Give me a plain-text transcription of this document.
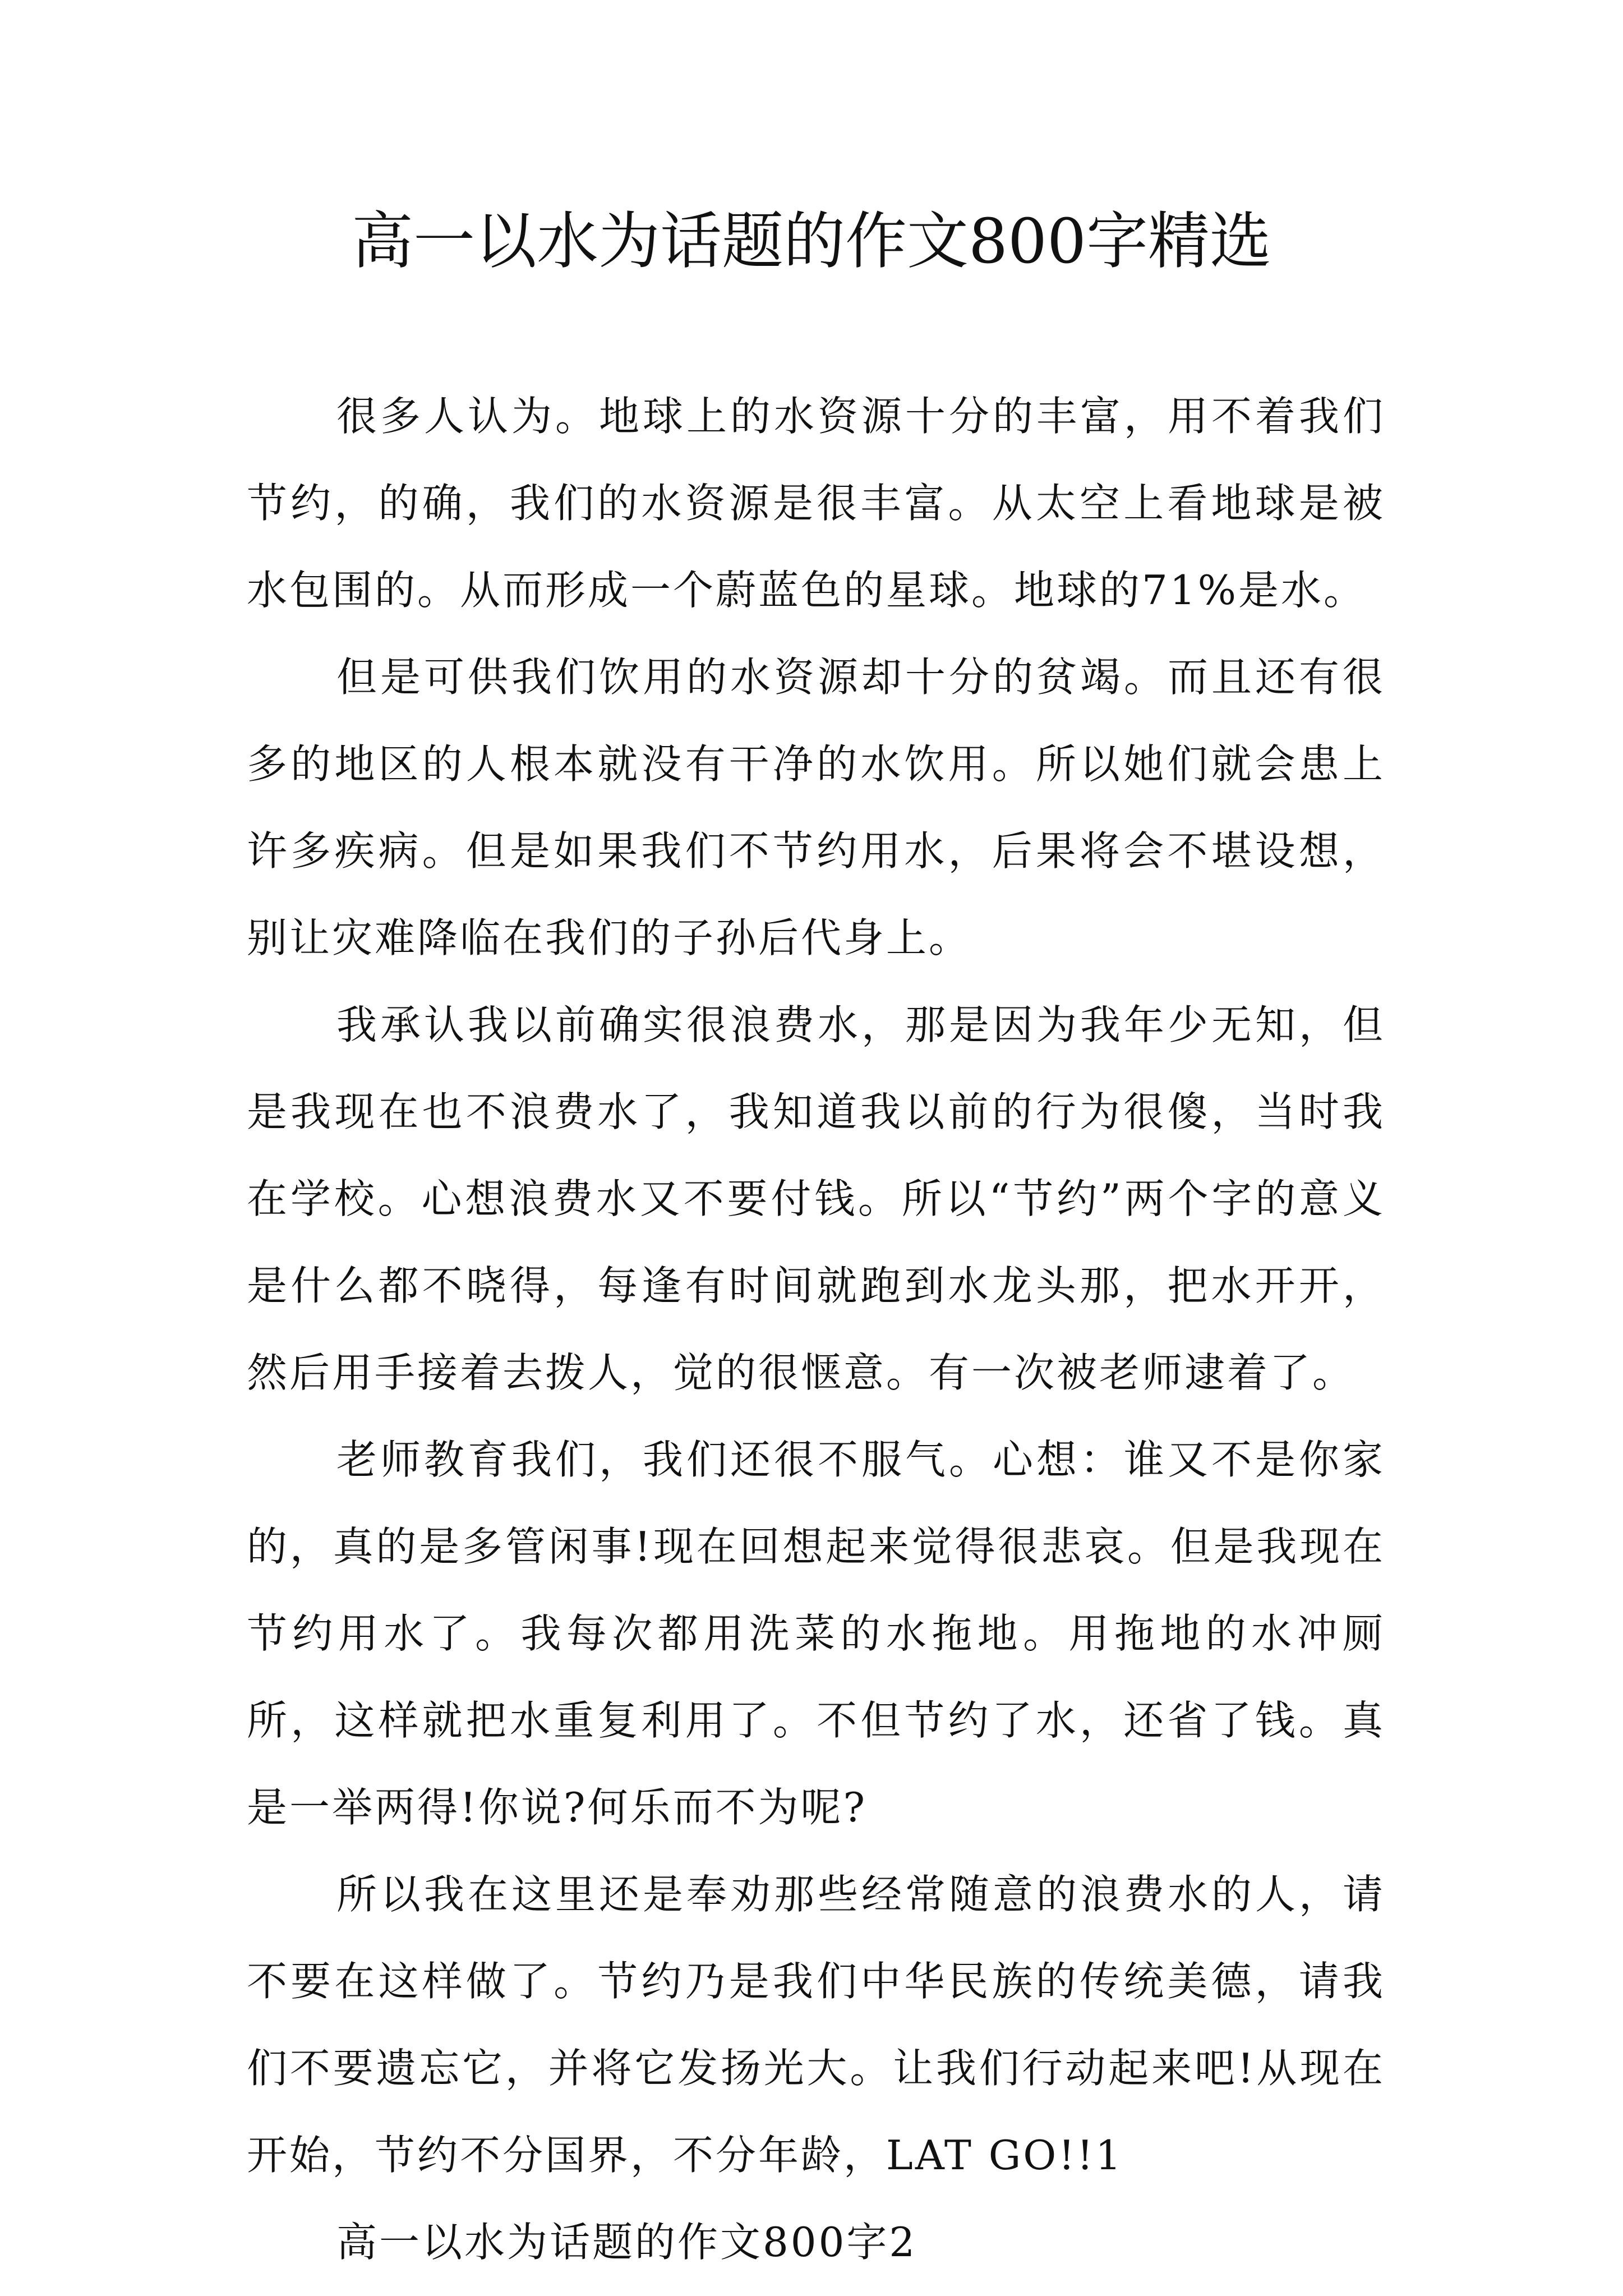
高一以水为话题的作文800字精选

很多人认为。地球上的水资源十分的丰富，用不着我们节约，的确，我们的水资源是很丰富。从太空上看地球是被水包围的。从而形成一个蔚蓝色的星球。地球的71%是水。

但是可供我们饮用的水资源却十分的贫竭。而且还有很多的地区的人根本就没有干净的水饮用。所以她们就会患上许多疾病。但是如果我们不节约用水，后果将会不堪设想，别让灾难降临在我们的子孙后代身上。

我承认我以前确实很浪费水，那是因为我年少无知，但是我现在也不浪费水了，我知道我以前的行为很傻，当时我在学校。心想浪费水又不要付钱。所以“节约”两个字的意义是什么都不晓得，每逢有时间就跑到水龙头那，把水开开，然后用手接着去拨人，觉的很惬意。有一次被老师逮着了。

老师教育我们，我们还很不服气。心想：谁又不是你家的，真的是多管闲事!现在回想起来觉得很悲哀。但是我现在节约用水了。我每次都用洗菜的水拖地。用拖地的水冲厕所，这样就把水重复利用了。不但节约了水，还省了钱。真是一举两得!你说?何乐而不为呢?

所以我在这里还是奉劝那些经常随意的浪费水的人，请不要在这样做了。节约乃是我们中华民族的传统美德，请我们不要遗忘它，并将它发扬光大。让我们行动起来吧!从现在开始，节约不分国界，不分年龄，LAT GO!!1

高一以水为话题的作文800字2
